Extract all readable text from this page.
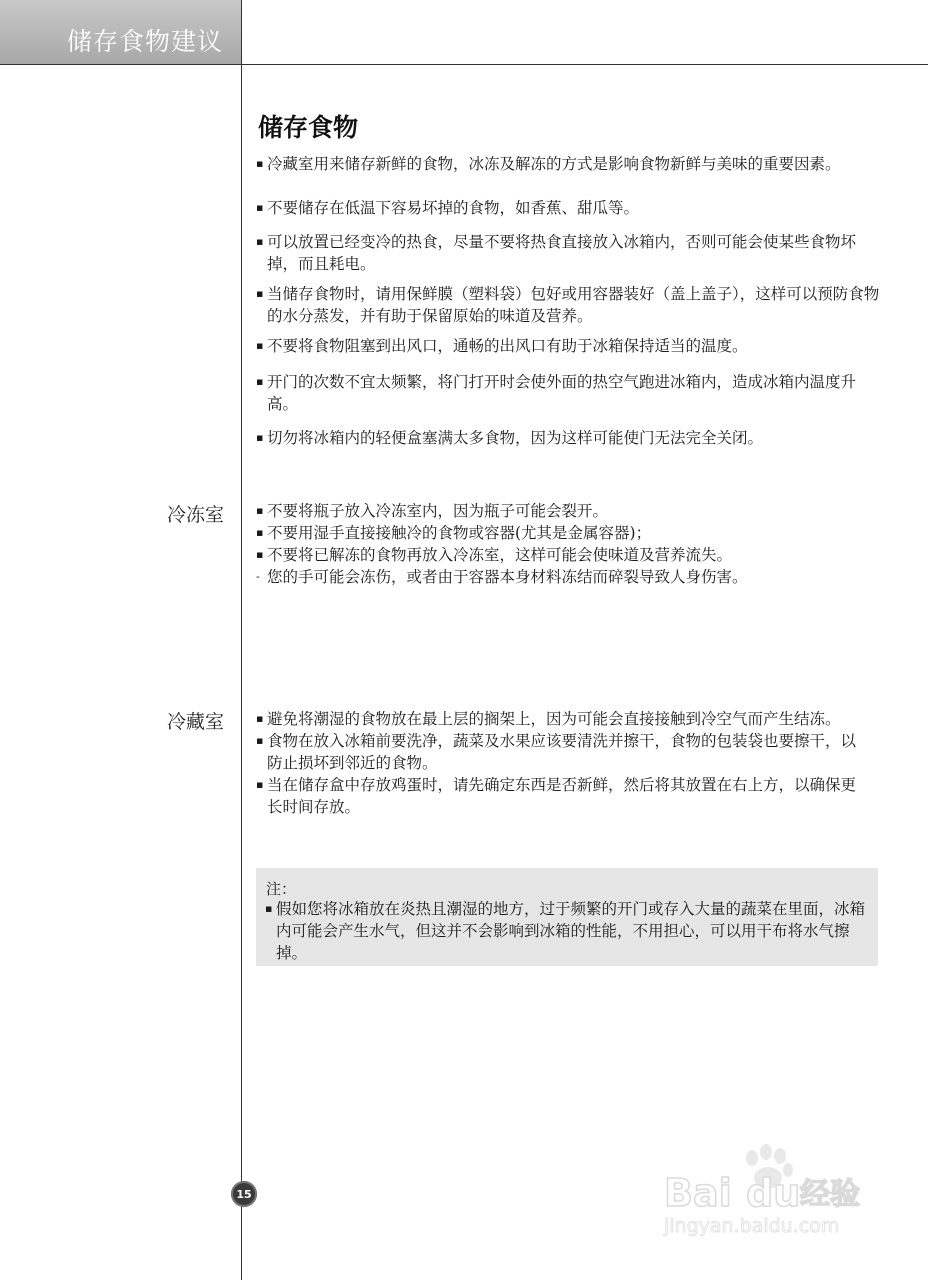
储存食物建议
储存食物
▪ 冷藏室用来储存新鲜的食物，冰冻及解冻的方式是影响食物新鲜与美味的重要因素。
▪ 不要储存在低温下容易坏掉的食物，如香蕉、甜瓜等。
▪ 可以放置已经变冷的热食，尽量不要将热食直接放入冰箱内，否则可能会使某些食物坏掉，而且耗电。
▪ 当储存食物时，请用保鲜膜（塑料袋）包好或用容器装好（盖上盖子），这样可以预防食物的水分蒸发，并有助于保留原始的味道及营养。
▪ 不要将食物阻塞到出风口，通畅的出风口有助于冰箱保持适当的温度。
▪ 开门的次数不宜太频繁，将门打开时会使外面的热空气跑进冰箱内，造成冰箱内温度升高。
▪ 切勿将冰箱内的轻便盒塞满太多食物，因为这样可能使门无法完全关闭。
冷冻室	▪ 不要将瓶子放入冷冻室内，因为瓶子可能会裂开。
▪ 不要用湿手直接接触冷的食物或容器(尤其是金属容器)；
▪ 不要将已解冻的食物再放入冷冻室，这样可能会使味道及营养流失。
- 您的手可能会冻伤，或者由于容器本身材料冻结而碎裂导致人身伤害。
冷藏室	▪ 避免将潮湿的食物放在最上层的搁架上，因为可能会直接接触到冷空气而产生结冻。
▪ 食物在放入冰箱前要洗净，蔬菜及水果应该要清洗并擦干，食物的包装袋也要擦干，以防止损坏到邻近的食物。
▪ 当在储存盒中存放鸡蛋时，请先确定东西是否新鲜，然后将其放置在右上方，以确保更长时间存放。
注：
▪ 假如您将冰箱放在炎热且潮湿的地方，过于频繁的开门或存入大量的蔬菜在里面，冰箱内可能会产生水气，但这并不会影响到冰箱的性能，不用担心，可以用干布将水气擦掉。
15	Bai du 经验
jingyan.baidu.com
